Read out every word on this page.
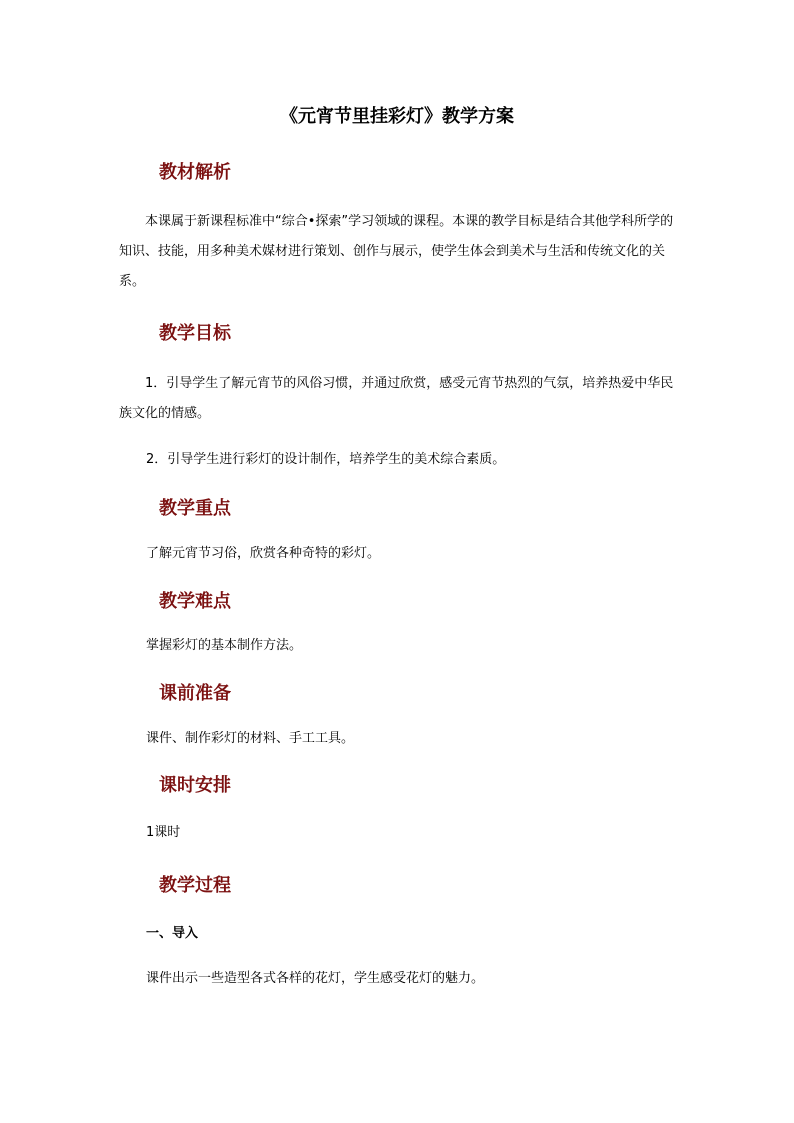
《元宵节里挂彩灯》教学方案
教材解析
本课属于新课程标准中“综合•探索”学习领域的课程。本课的教学目标是结合其他学科所学的知识、技能，用多种美术媒材进行策划、创作与展示，使学生体会到美术与生活和传统文化的关系。
教学目标
1．引导学生了解元宵节的风俗习惯，并通过欣赏，感受元宵节热烈的气氛，培养热爱中华民族文化的情感。
2．引导学生进行彩灯的设计制作，培养学生的美术综合素质。
教学重点
了解元宵节习俗，欣赏各种奇特的彩灯。
教学难点
掌握彩灯的基本制作方法。
课前准备
课件、制作彩灯的材料、手工工具。
课时安排
1课时
教学过程
一、导入
课件出示一些造型各式各样的花灯，学生感受花灯的魅力。
